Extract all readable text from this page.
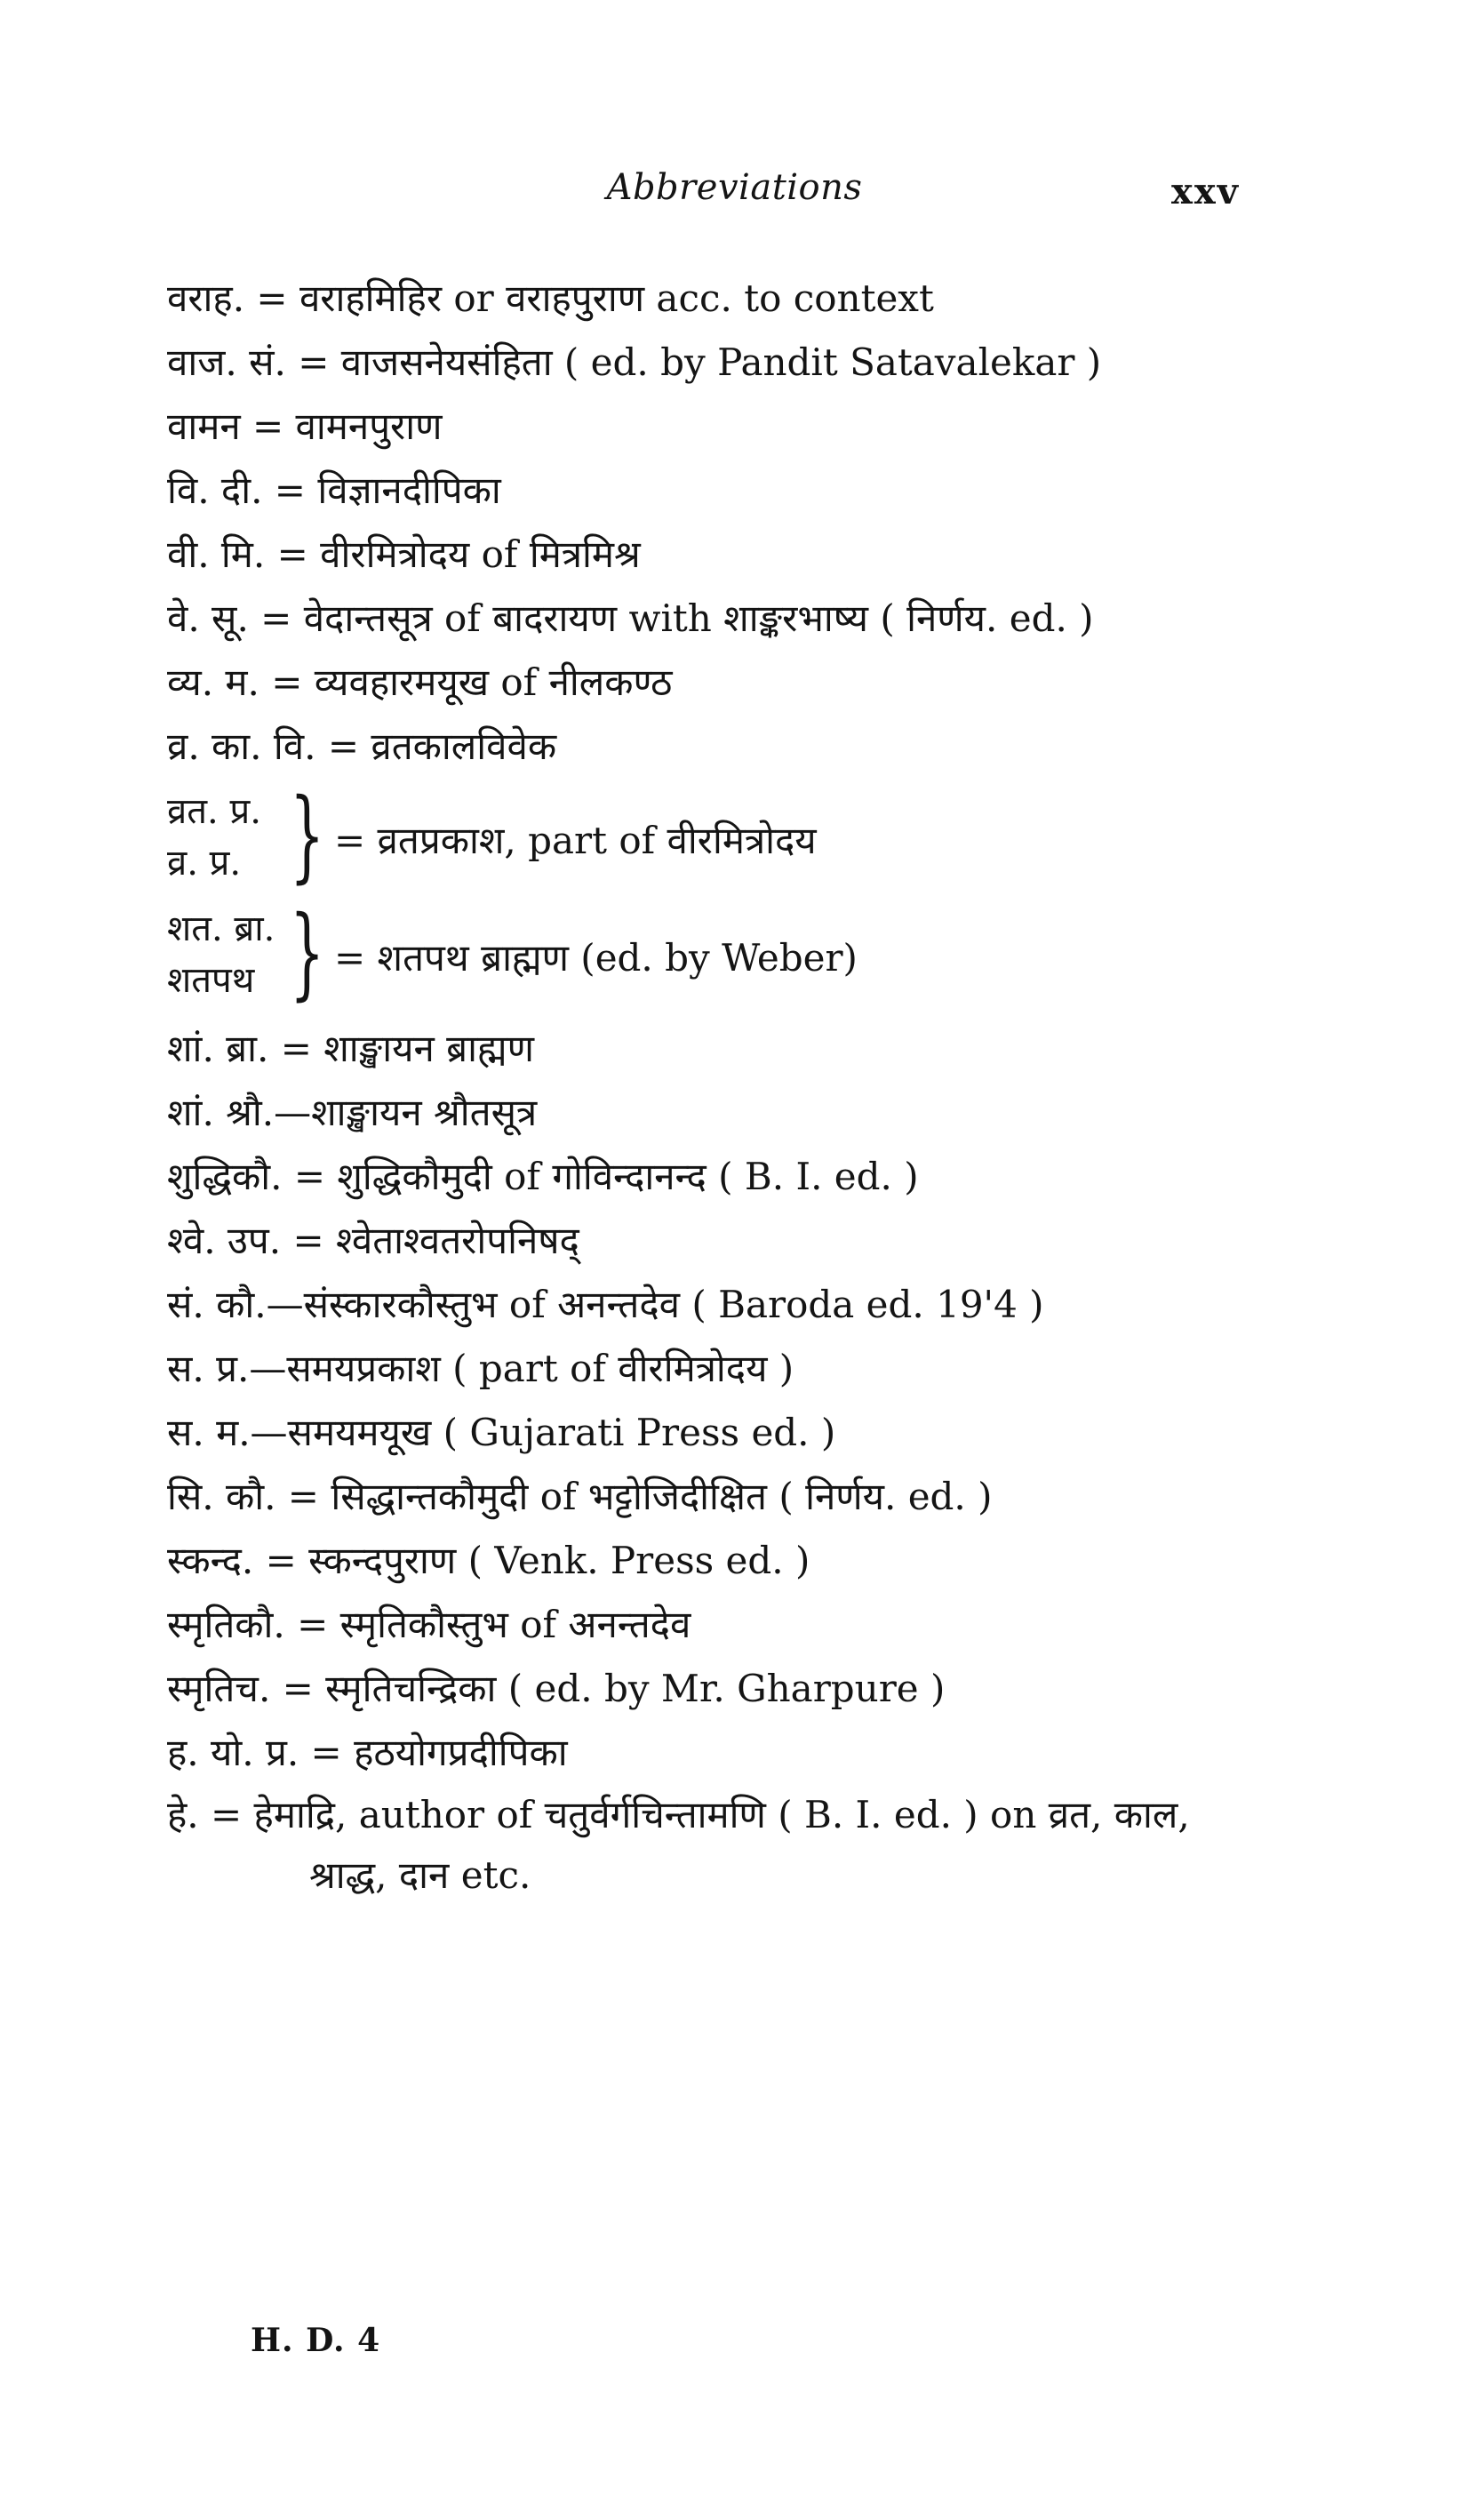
Abbreviations	xxv
वराह. = वराहमिहिर or वराहपुराण acc. to context
वाज. सं. = वाजसनेयसंहिता ( ed. by Pandit Satavalekar )
वामन = वामनपुराण
वि. दी. = विज्ञानदीपिका
वी. मि. = वीरमित्रोदय of मित्रमिश्र
वे. सू. = वेदान्तसूत्र of बादरायण with शाङ्करभाष्य ( निर्णय. ed. )
व्य. म. = व्यवहारमयूख of नीलकण्ठ
व्र. का. वि. = व्रतकालविवेक
व्रत. प्र.
व्र. प्र. } = व्रतप्रकाश, part of वीरमित्रोदय
शत. ब्रा.
शतपथ } = शतपथ ब्राह्मण (ed. by Weber)
शां. ब्रा. = शाङ्खायन ब्राह्मण
शां. श्रौ.—शाङ्खायन श्रौतसूत्र
शुद्धिकौ. = शुद्धिकौमुदी of गोविन्दानन्द ( B. I. ed. )
श्वे. उप. = श्वेताश्वतरोपनिषद्
सं. कौ.—संस्कारकौस्तुभ of अनन्तदेव ( Baroda ed. 19'4 )
स. प्र.—समयप्रकाश ( part of वीरमित्रोदय )
स. म.—समयमयूख ( Gujarati Press ed. )
सि. कौ. = सिद्धान्तकौमुदी of भट्टोजिदीक्षित ( निर्णय. ed. )
स्कन्द. = स्कन्दपुराण ( Venk. Press ed. )
स्मृतिकौ. = स्मृतिकौस्तुभ of अनन्तदेव
स्मृतिच. = स्मृतिचन्द्रिका ( ed. by Mr. Gharpure )
ह. यो. प्र. = हठयोगप्रदीपिका
हे. = हेमाद्रि, author of चतुर्वर्गचिन्तामणि ( B. I. ed. ) on व्रत, काल,
श्राद्ध, दान etc.
H. D. 4
